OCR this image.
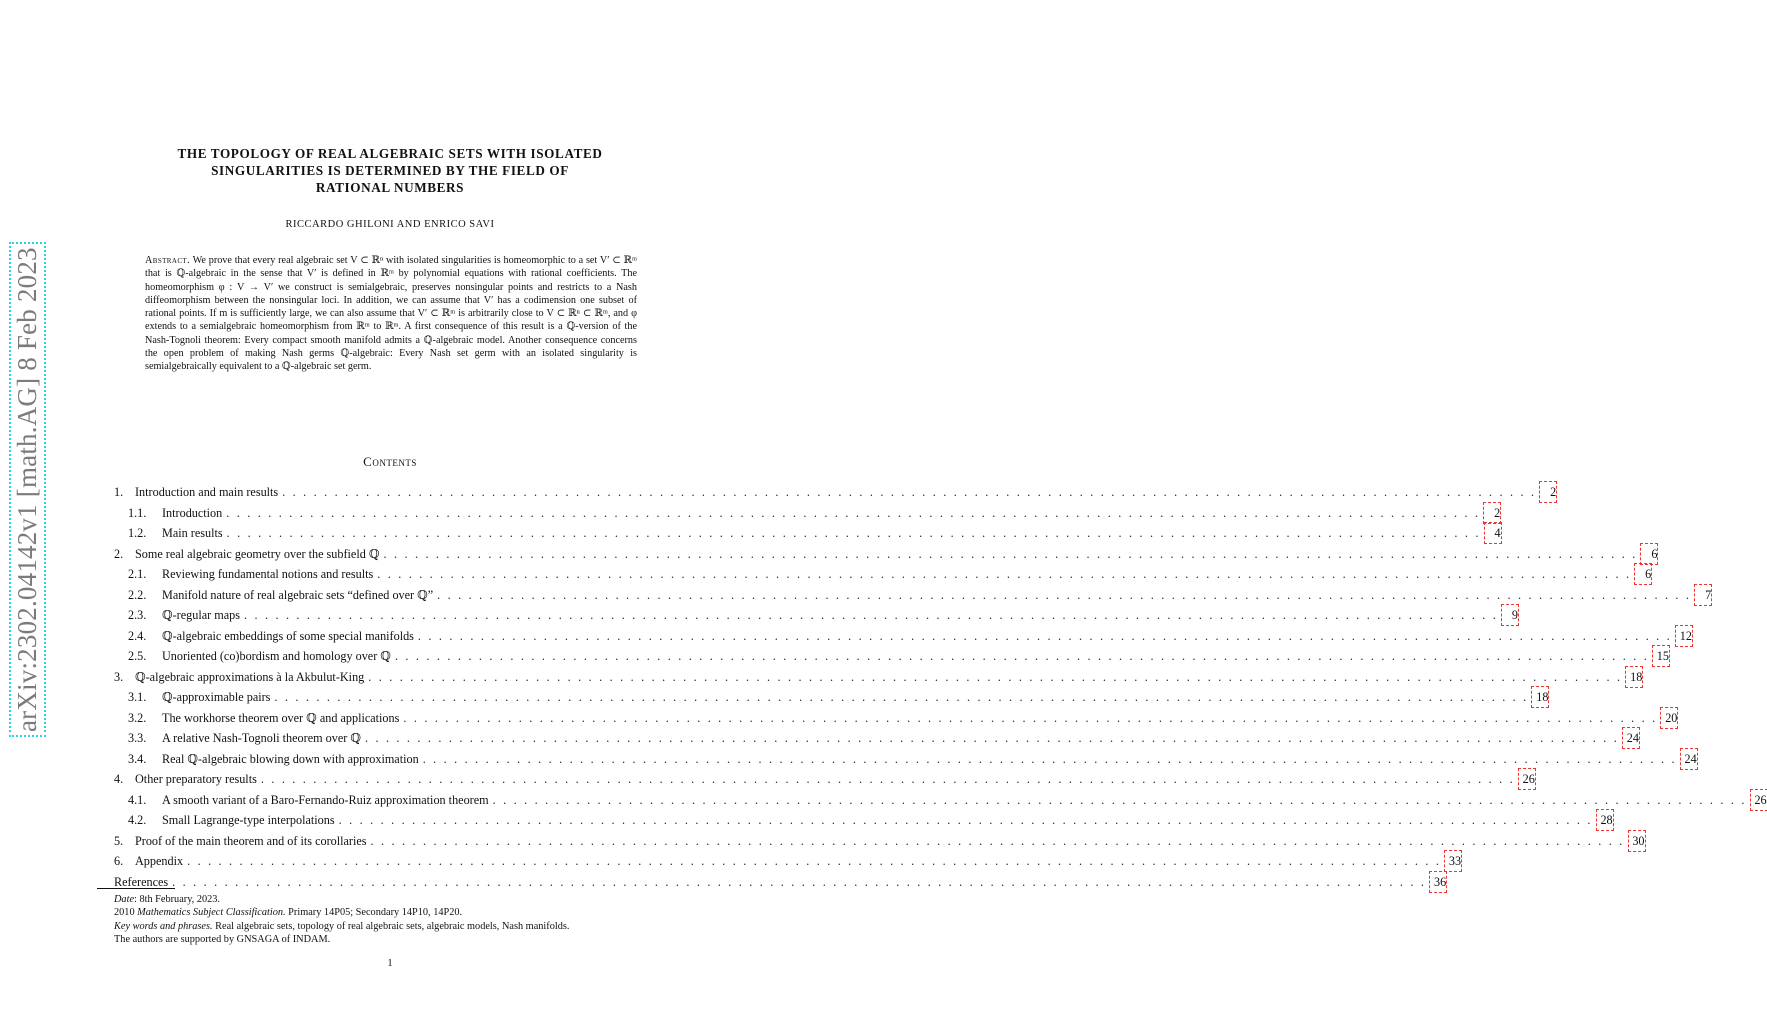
arXiv:2302.04142v1 [math.AG] 8 Feb 2023
THE TOPOLOGY OF REAL ALGEBRAIC SETS WITH ISOLATED
SINGULARITIES IS DETERMINED BY THE FIELD OF
RATIONAL NUMBERS
RICCARDO GHILONI AND ENRICO SAVI
Abstract. We prove that every real algebraic set V ⊂ ℝⁿ with isolated singularities is homeomorphic to a set V′ ⊂ ℝᵐ that is ℚ-algebraic in the sense that V′ is defined in ℝᵐ by polynomial equations with rational coefficients. The homeomorphism φ : V → V′ we construct is semialgebraic, preserves nonsingular points and restricts to a Nash diffeomorphism between the nonsingular loci. In addition, we can assume that V′ has a codimension one subset of rational points. If m is sufficiently large, we can also assume that V′ ⊂ ℝᵐ is arbitrarily close to V ⊂ ℝⁿ ⊂ ℝᵐ, and φ extends to a semialgebraic homeomorphism from ℝᵐ to ℝᵐ. A first consequence of this result is a ℚ-version of the Nash-Tognoli theorem: Every compact smooth manifold admits a ℚ-algebraic model. Another consequence concerns the open problem of making Nash germs ℚ-algebraic: Every Nash set germ with an isolated singularity is semialgebraically equivalent to a ℚ-algebraic set germ.
Contents
1. Introduction and main results . . . . . . . . . . . . . . . . . . . . . . . . . . . . . . . . . . . . . . . . . . . . . . . . . . . . . . . . . . . . . . . . . . . . . . . . . . . . . . . . . . . . . . . . . . . . . . . . . . . . . . . . . . . . . . . . . . . . . . . .	2
1.1.	Introduction . . . . . . . . . . . . . . . . . . . . . . . . . . . . . . . . . . . . . . . . . . . . . . . . . . . . . . . . . . . . . . . . . . . . . . . . . . . . . . . . . . . . . . . . . . . . . . . . . . . . . . . . . . . . . . . . . . . . . . . .	2
1.2.	Main results . . . . . . . . . . . . . . . . . . . . . . . . . . . . . . . . . . . . . . . . . . . . . . . . . . . . . . . . . . . . . . . . . . . . . . . . . . . . . . . . . . . . . . . . . . . . . . . . . . . . . . . . . . . . . . . . . . . . . . . .	4
2. Some real algebraic geometry over the subfield ℚ . . . . . . . . . . . . . . . . . . . . . . . . . . . . . . . . . . . . . . . . . . . . . . . . . . . . . . . . . . . . . . . . . . . . . . . . . . . . . . . . . . . . . . . . . . . . . . . . . . . . . . . . . . . . . . . . . . . . . . . .	6
2.1.	Reviewing fundamental notions and results . . . . . . . . . . . . . . . . . . . . . . . . . . . . . . . . . . . . . . . . . . . . . . . . . . . . . . . . . . . . . . . . . . . . . . . . . . . . . . . . . . . . . . . . . . . . . . . . . . . . . . . . . . . . . . . . . . . . . . . .	6
2.2.	Manifold nature of real algebraic sets “defined over ℚ” . . . . . . . . . . . . . . . . . . . . . . . . . . . . . . . . . . . . . . . . . . . . . . . . . . . . . . . . . . . . . . . . . . . . . . . . . . . . . . . . . . . . . . . . . . . . . . . . . . . . . . . . . . . . . . . . . . . . . . . .	7
2.3.	ℚ-regular maps . . . . . . . . . . . . . . . . . . . . . . . . . . . . . . . . . . . . . . . . . . . . . . . . . . . . . . . . . . . . . . . . . . . . . . . . . . . . . . . . . . . . . . . . . . . . . . . . . . . . . . . . . . . . . . . . . . . . . . . .	9
2.4.	ℚ-algebraic embeddings of some special manifolds . . . . . . . . . . . . . . . . . . . . . . . . . . . . . . . . . . . . . . . . . . . . . . . . . . . . . . . . . . . . . . . . . . . . . . . . . . . . . . . . . . . . . . . . . . . . . . . . . . . . . . . . . . . . . . . . . . . . . . . . 12
2.5.	Unoriented (co)bordism and homology over ℚ . . . . . . . . . . . . . . . . . . . . . . . . . . . . . . . . . . . . . . . . . . . . . . . . . . . . . . . . . . . . . . . . . . . . . . . . . . . . . . . . . . . . . . . . . . . . . . . . . . . . . . . . . . . . . . . . . . . . . . . . 15
3. ℚ-algebraic approximations à la Akbulut-King . . . . . . . . . . . . . . . . . . . . . . . . . . . . . . . . . . . . . . . . . . . . . . . . . . . . . . . . . . . . . . . . . . . . . . . . . . . . . . . . . . . . . . . . . . . . . . . . . . . . . . . . . . . . . . . . . . . . . . . . 18
3.1.	ℚ-approximable pairs . . . . . . . . . . . . . . . . . . . . . . . . . . . . . . . . . . . . . . . . . . . . . . . . . . . . . . . . . . . . . . . . . . . . . . . . . . . . . . . . . . . . . . . . . . . . . . . . . . . . . . . . . . . . . . . . . . . . . . . . 18
3.2.	The workhorse theorem over ℚ and applications . . . . . . . . . . . . . . . . . . . . . . . . . . . . . . . . . . . . . . . . . . . . . . . . . . . . . . . . . . . . . . . . . . . . . . . . . . . . . . . . . . . . . . . . . . . . . . . . . . . . . . . . . . . . . . . . . . . . . . . . 20
3.3.	A relative Nash-Tognoli theorem over ℚ . . . . . . . . . . . . . . . . . . . . . . . . . . . . . . . . . . . . . . . . . . . . . . . . . . . . . . . . . . . . . . . . . . . . . . . . . . . . . . . . . . . . . . . . . . . . . . . . . . . . . . . . . . . . . . . . . . . . . . . . 24
3.4.	Real ℚ-algebraic blowing down with approximation . . . . . . . . . . . . . . . . . . . . . . . . . . . . . . . . . . . . . . . . . . . . . . . . . . . . . . . . . . . . . . . . . . . . . . . . . . . . . . . . . . . . . . . . . . . . . . . . . . . . . . . . . . . . . . . . . . . . . . . . 24
4. Other preparatory results . . . . . . . . . . . . . . . . . . . . . . . . . . . . . . . . . . . . . . . . . . . . . . . . . . . . . . . . . . . . . . . . . . . . . . . . . . . . . . . . . . . . . . . . . . . . . . . . . . . . . . . . . . . . . . . . . . . . . . . . 26
4.1.	A smooth variant of a Baro-Fernando-Ruiz approximation theorem . . . . . . . . . . . . . . . . . . . . . . . . . . . . . . . . . . . . . . . . . . . . . . . . . . . . . . . . . . . . . . . . . . . . . . . . . . . . . . . . . . . . . . . . . . . . . . . . . . . . . . . . . . . . . . . . . . . . . . . . 26
4.2.	Small Lagrange-type interpolations . . . . . . . . . . . . . . . . . . . . . . . . . . . . . . . . . . . . . . . . . . . . . . . . . . . . . . . . . . . . . . . . . . . . . . . . . . . . . . . . . . . . . . . . . . . . . . . . . . . . . . . . . . . . . . . . . . . . . . . . 28
5. Proof of the main theorem and of its corollaries . . . . . . . . . . . . . . . . . . . . . . . . . . . . . . . . . . . . . . . . . . . . . . . . . . . . . . . . . . . . . . . . . . . . . . . . . . . . . . . . . . . . . . . . . . . . . . . . . . . . . . . . . . . . . . . . . . . . . . . . 30
6. Appendix . . . . . . . . . . . . . . . . . . . . . . . . . . . . . . . . . . . . . . . . . . . . . . . . . . . . . . . . . . . . . . . . . . . . . . . . . . . . . . . . . . . . . . . . . . . . . . . . . . . . . . . . . . . . . . . . . . . . . . . . 33
References . . . . . . . . . . . . . . . . . . . . . . . . . . . . . . . . . . . . . . . . . . . . . . . . . . . . . . . . . . . . . . . . . . . . . . . . . . . . . . . . . . . . . . . . . . . . . . . . . . . . . . . . . . . . . . . . . . . . . . . . 36
Date: 8th February, 2023.
2010 Mathematics Subject Classification. Primary 14P05; Secondary 14P10, 14P20.
Key words and phrases. Real algebraic sets, topology of real algebraic sets, algebraic models, Nash manifolds.
The authors are supported by GNSAGA of INDAM.
1
